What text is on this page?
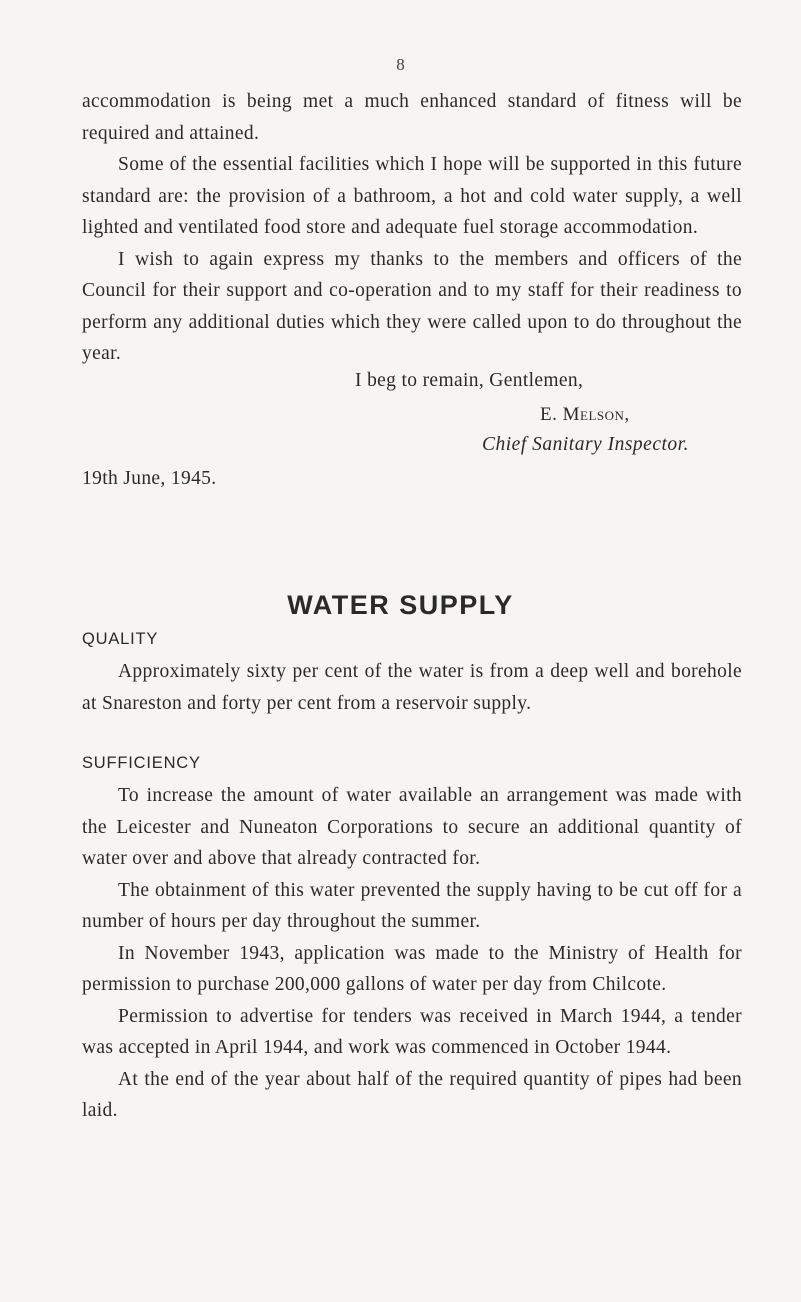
8

accommodation is being met a much enhanced standard of fitness will be required and attained.

Some of the essential facilities which I hope will be supported in this future standard are: the provision of a bathroom, a hot and cold water supply, a well lighted and ventilated food store and adequate fuel storage accommodation.

I wish to again express my thanks to the members and officers of the Council for their support and co-operation and to my staff for their readiness to perform any additional duties which they were called upon to do throughout the year.

I beg to remain, Gentlemen,
E. Melson,
Chief Sanitary Inspector.
19th June, 1945.
WATER SUPPLY
QUALITY

Approximately sixty per cent of the water is from a deep well and borehole at Snareston and forty per cent from a reservoir supply.

SUFFICIENCY

To increase the amount of water available an arrangement was made with the Leicester and Nuneaton Corporations to secure an additional quantity of water over and above that already contracted for.

The obtainment of this water prevented the supply having to be cut off for a number of hours per day throughout the summer.

In November 1943, application was made to the Ministry of Health for permission to purchase 200,000 gallons of water per day from Chilcote.

Permission to advertise for tenders was received in March 1944, a tender was accepted in April 1944, and work was commenced in October 1944.

At the end of the year about half of the required quantity of pipes had been laid.
